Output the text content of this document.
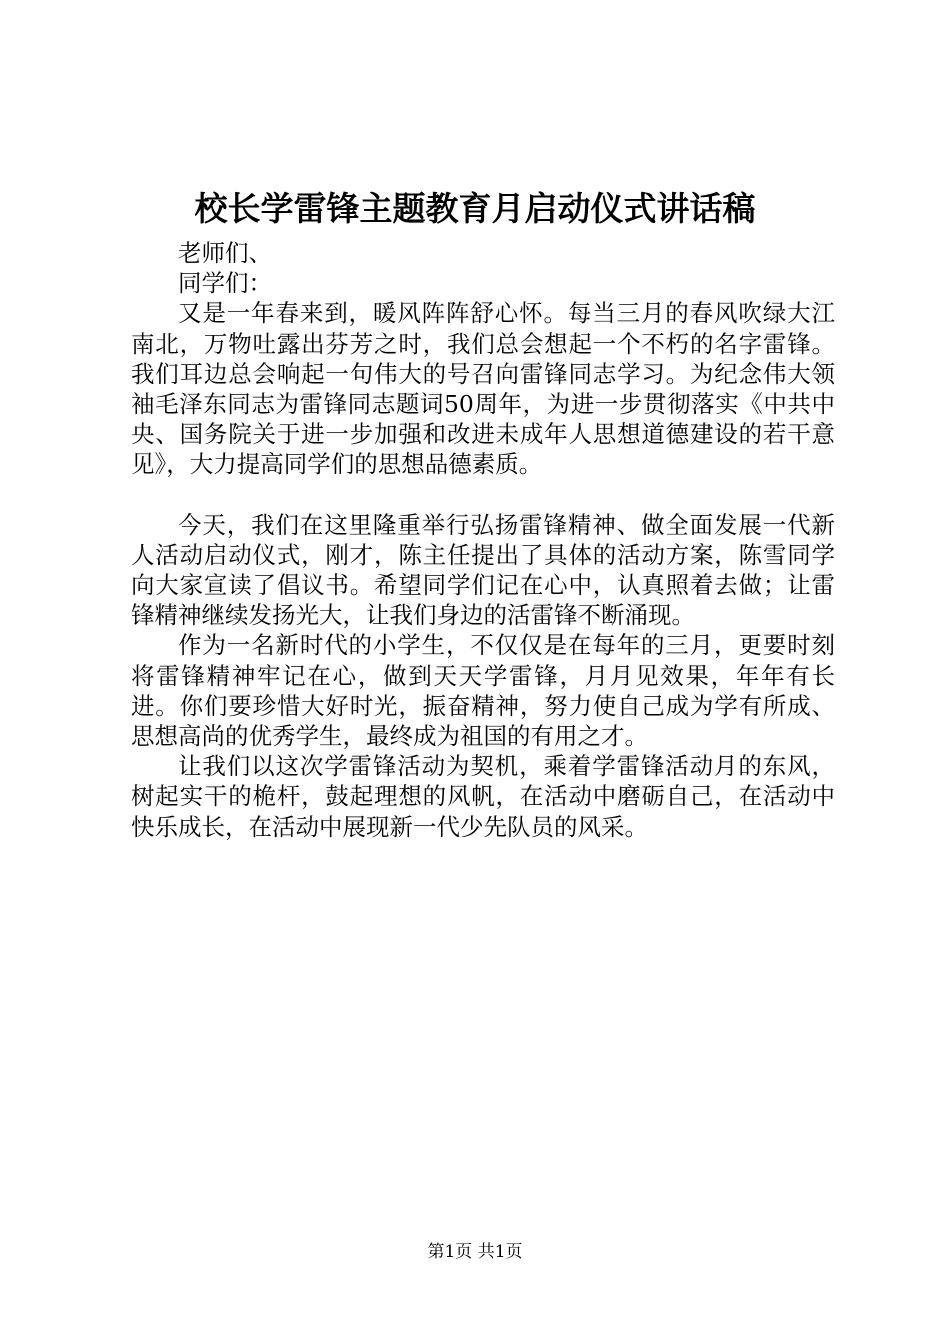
校长学雷锋主题教育月启动仪式讲话稿

老师们、

同学们：

又是一年春来到，暖风阵阵舒心怀。每当三月的春风吹绿大江南北，万物吐露出芬芳之时，我们总会想起一个不朽的名字雷锋。我们耳边总会响起一句伟大的号召向雷锋同志学习。为纪念伟大领袖毛泽东同志为雷锋同志题词50周年，为进一步贯彻落实《中共中央、国务院关于进一步加强和改进未成年人思想道德建设的若干意见》，大力提高同学们的思想品德素质。

今天，我们在这里隆重举行弘扬雷锋精神、做全面发展一代新人活动启动仪式，刚才，陈主任提出了具体的活动方案，陈雪同学向大家宣读了倡议书。希望同学们记在心中，认真照着去做；让雷锋精神继续发扬光大，让我们身边的活雷锋不断涌现。

作为一名新时代的小学生，不仅仅是在每年的三月，更要时刻将雷锋精神牢记在心，做到天天学雷锋，月月见效果，年年有长进。你们要珍惜大好时光，振奋精神，努力使自己成为学有所成、思想高尚的优秀学生，最终成为祖国的有用之才。

让我们以这次学雷锋活动为契机，乘着学雷锋活动月的东风，树起实干的桅杆，鼓起理想的风帆，在活动中磨砺自己，在活动中快乐成长，在活动中展现新一代少先队员的风采。

第1页 共1页
